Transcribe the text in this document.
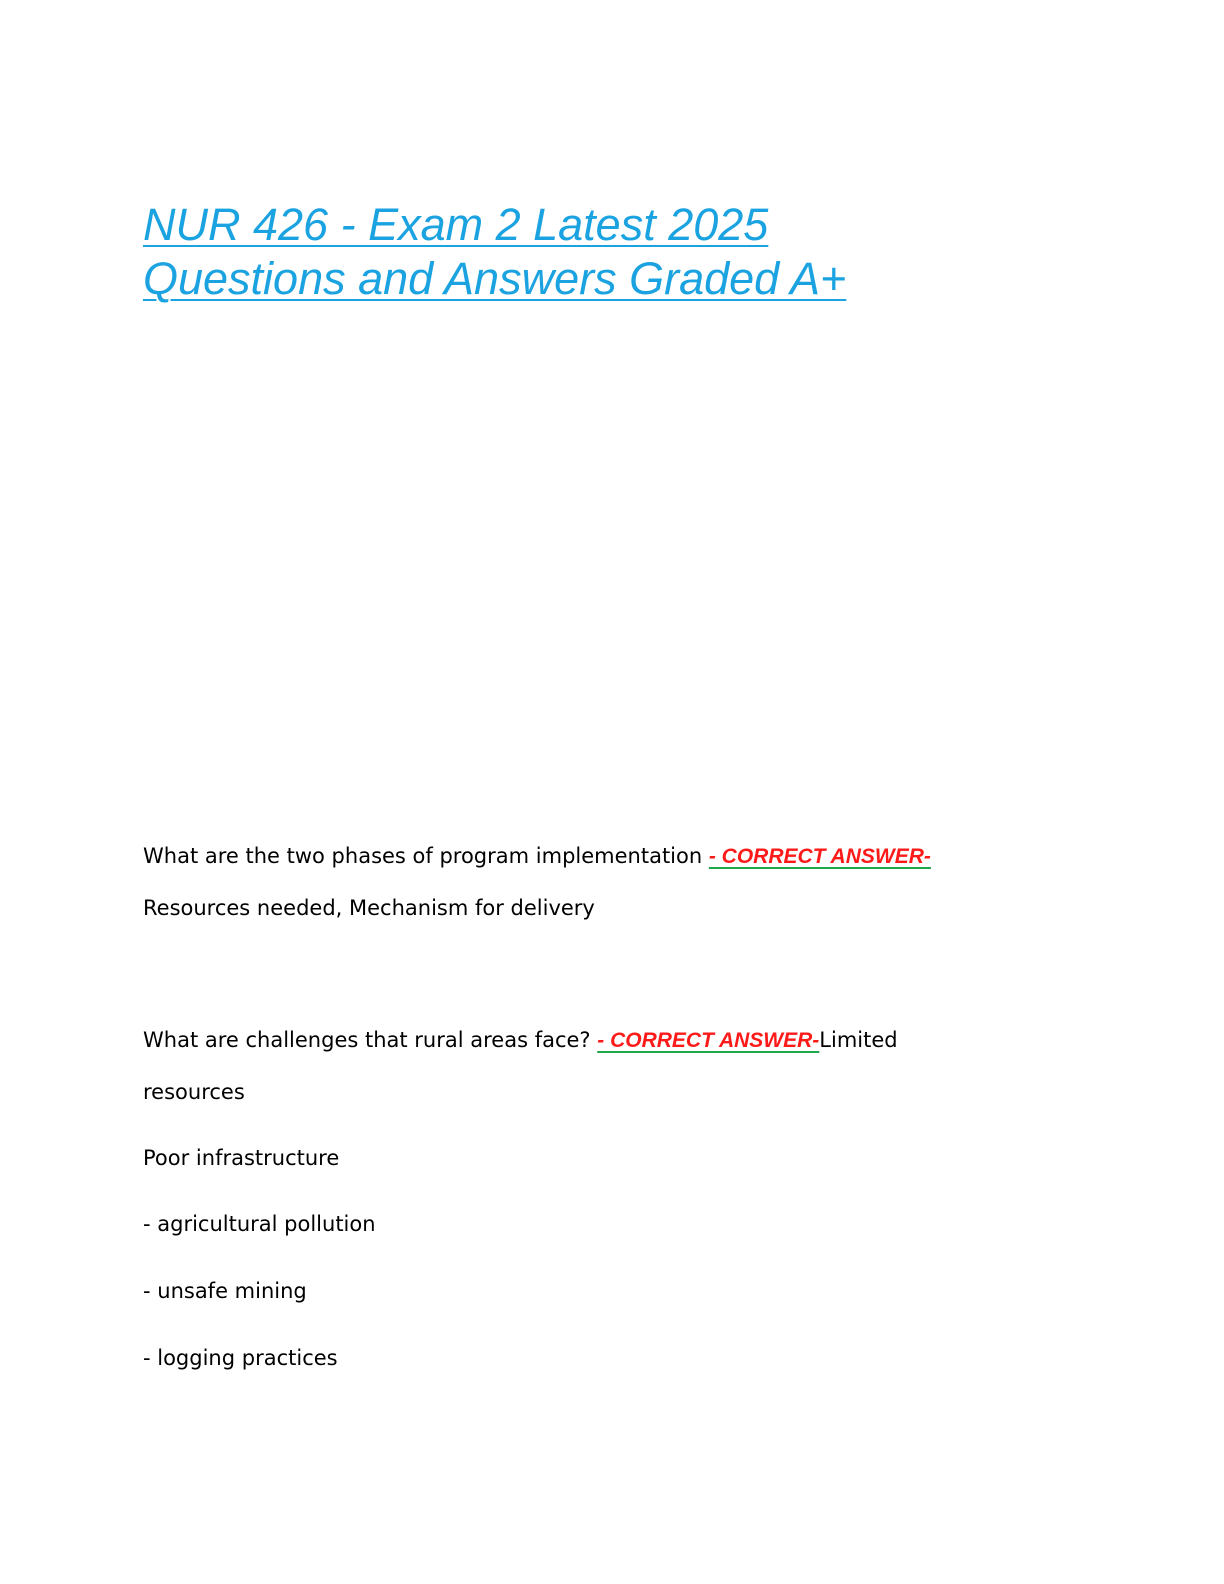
NUR 426 - Exam 2 Latest 2025
Questions and Answers Graded A+

What are the two phases of program implementation - CORRECT ANSWER-

Resources needed, Mechanism for delivery

What are challenges that rural areas face? - CORRECT ANSWER-Limited

resources

Poor infrastructure

- agricultural pollution

- unsafe mining

- logging practices
